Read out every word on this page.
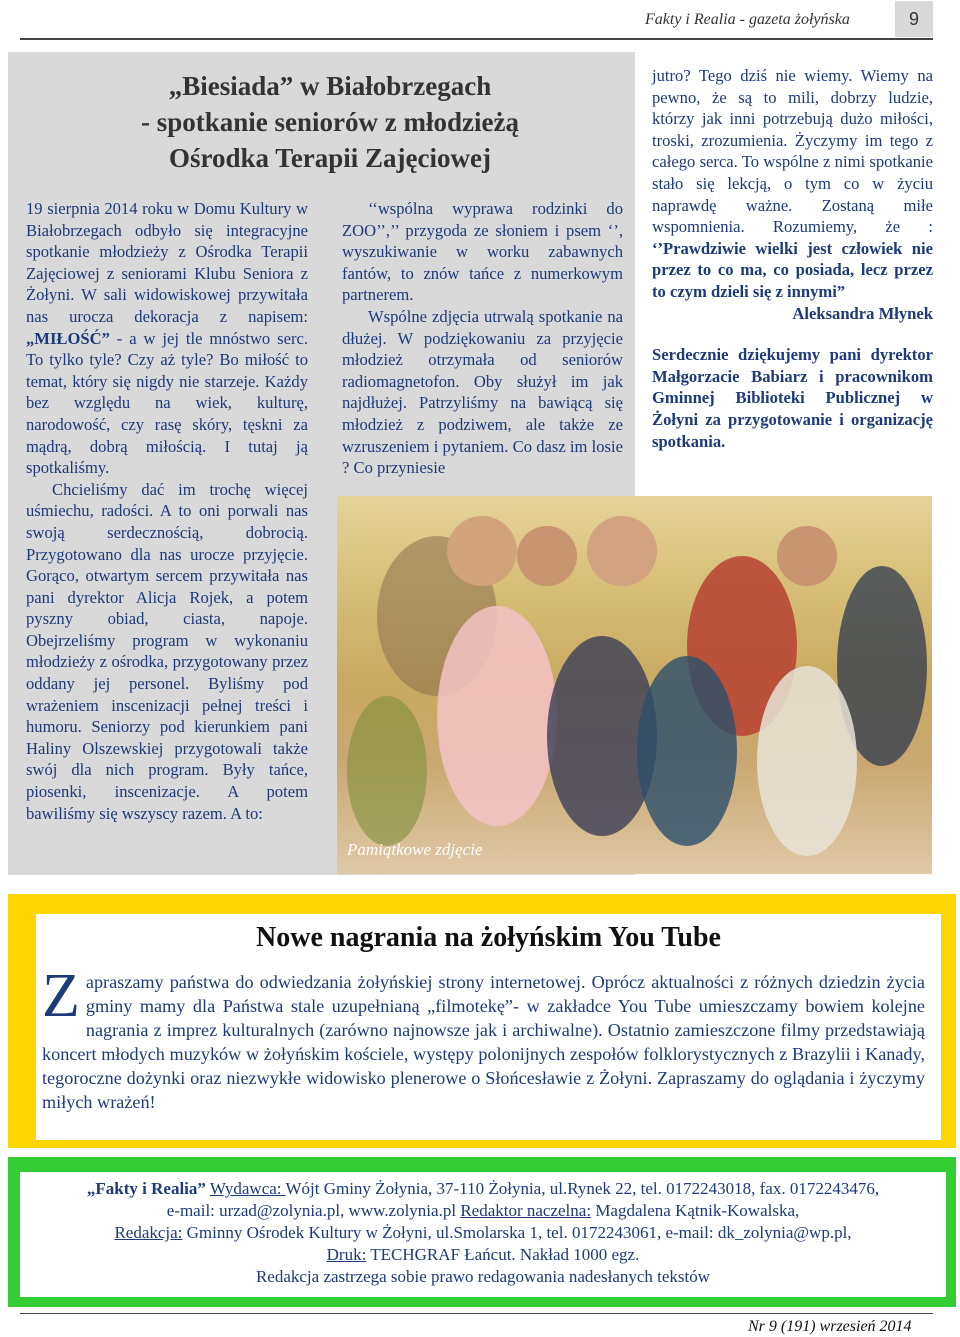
Fakty i Realia - gazeta żołyńska	9
„Biesiada” w Białobrzegach
- spotkanie seniorów z młodzieżą
Ośrodka Terapii Zajęciowej

19 sierpnia 2014 roku w Domu Kultury w Białobrzegach odbyło się integracyjne spotkanie młodzieży z Ośrodka Terapii Zajęciowej z seniorami Klubu Seniora z Żołyni. W sali widowiskowej przywitała nas urocza dekoracja z napisem: „MIŁOŚĆ” - a w jej tle mnóstwo serc. To tylko tyle? Czy aż tyle? Bo miłość to temat, który się nigdy nie starzeje. Każdy bez względu na wiek, kulturę, narodowość, czy rasę skóry, tęskni za mądrą, dobrą miłością. I tutaj ją spotkaliśmy.

Chcieliśmy dać im trochę więcej uśmiechu, radości. A to oni porwali nas swoją serdecznością, dobrocią. Przygotowano dla nas urocze przyjęcie. Gorąco, otwartym sercem przywitała nas pani dyrektor Alicja Rojek, a potem pyszny obiad, ciasta, napoje. Obejrzeliśmy program w wykonaniu młodzieży z ośrodka, przygotowany przez oddany jej personel. Byliśmy pod wrażeniem inscenizacji pełnej treści i humoru. Seniorzy pod kierunkiem pani Haliny Olszewskiej przygotowali także swój dla nich program. Były tańce, piosenki, inscenizacje. A potem bawiliśmy się wszyscy razem. A to:

‘‘wspólna wyprawa rodzinki do ZOO’’,’’ przygoda ze słoniem i psem ‘’, wyszukiwanie w worku zabawnych fantów, to znów tańce z numerkowym partnerem.

Wspólne zdjęcia utrwalą spotkanie na dłużej. W podziękowaniu za przyjęcie młodzież otrzymała od seniorów radiomagnetofon. Oby służył im jak najdłużej. Patrzyliśmy na bawiącą się młodzież z podziwem, ale także ze wzruszeniem i pytaniem. Co dasz im losie ? Co przyniesie

jutro? Tego dziś nie wiemy. Wiemy na pewno, że są to mili, dobrzy ludzie, którzy jak inni potrzebują dużo miłości, troski, zrozumienia. Życzymy im tego z całego serca. To wspólne z nimi spotkanie stało się lekcją, o tym co w życiu naprawdę ważne. Zostaną miłe wspomnienia. Rozumiemy, że : ‘’Prawdziwie wielki jest człowiek nie przez to co ma, co posiada, lecz przez to czym dzieli się z innymi”

Aleksandra Młynek

Serdecznie dziękujemy pani dyrektor Małgorzacie Babiarz i pracownikom Gminnej Biblioteki Publicznej w Żołyni za przygotowanie i organizację spotkania.

Pamiątkowe zdjęcie
Nowe nagrania na żołyńskim You Tube
Zapraszamy państwa do odwiedzania żołyńskiej strony internetowej. Oprócz aktualności z różnych dziedzin życia gminy mamy dla Państwa stale uzupełnianą „filmotekę”- w zakładce You Tube umieszczamy bowiem kolejne nagrania z imprez kulturalnych (zarówno najnowsze jak i archiwalne). Ostatnio zamieszczone filmy przedstawiają koncert młodych muzyków w żołyńskim kościele, występy polonijnych zespołów folklorystycznych z Brazylii i Kanady, tegoroczne dożynki oraz niezwykłe widowisko plenerowe o Słońcesławie z Żołyni. Zapraszamy do oglądania i życzymy miłych wrażeń!
„Fakty i Realia” Wydawca: Wójt Gminy Żołynia, 37-110 Żołynia, ul.Rynek 22, tel. 0172243018, fax. 0172243476,
e-mail: urzad@zolynia.pl, www.zolynia.pl Redaktor naczelna: Magdalena Kątnik-Kowalska,
Redakcja: Gminny Ośrodek Kultury w Żołyni, ul.Smolarska 1, tel. 0172243061, e-mail: dk_zolynia@wp.pl,
Druk: TECHGRAF Łańcut. Nakład 1000 egz.
Redakcja zastrzega sobie prawo redagowania nadesłanych tekstów
Nr 9 (191) wrzesień 2014
